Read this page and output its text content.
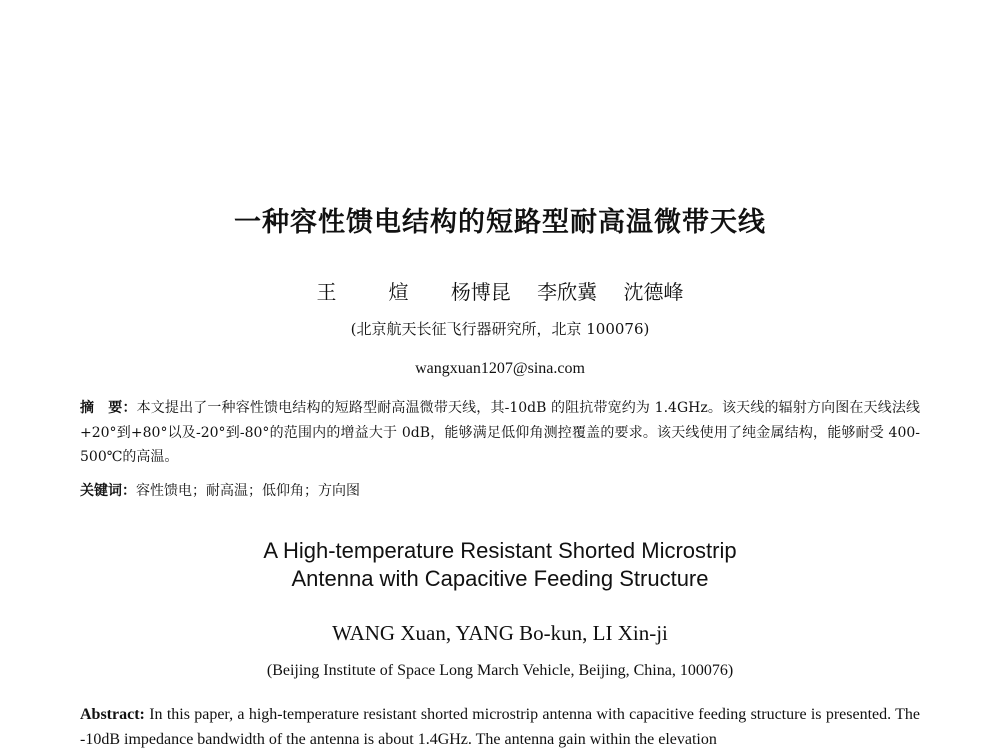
一种容性馈电结构的短路型耐高温微带天线
王　煊 杨博昆 李欣冀 沈德峰
(北京航天长征飞行器研究所，北京 100076)
wangxuan1207@sina.com
摘　要：本文提出了一种容性馈电结构的短路型耐高温微带天线，其-10dB 的阻抗带宽约为 1.4GHz。该天线的辐射方向图在天线法线+20°到+80°以及-20°到-80°的范围内的增益大于 0dB，能够满足低仰角测控覆盖的要求。该天线使用了纯金属结构，能够耐受 400-500℃的高温。
关键词：容性馈电；耐高温；低仰角；方向图
A High-temperature Resistant Shorted Microstrip
Antenna with Capacitive Feeding Structure
WANG Xuan, YANG Bo-kun, LI Xin-ji
(Beijing Institute of Space Long March Vehicle, Beijing, China, 100076)
Abstract: In this paper, a high-temperature resistant shorted microstrip antenna with capacitive feeding structure is presented. The -10dB impedance bandwidth of the antenna is about 1.4GHz. The antenna gain within the elevation
